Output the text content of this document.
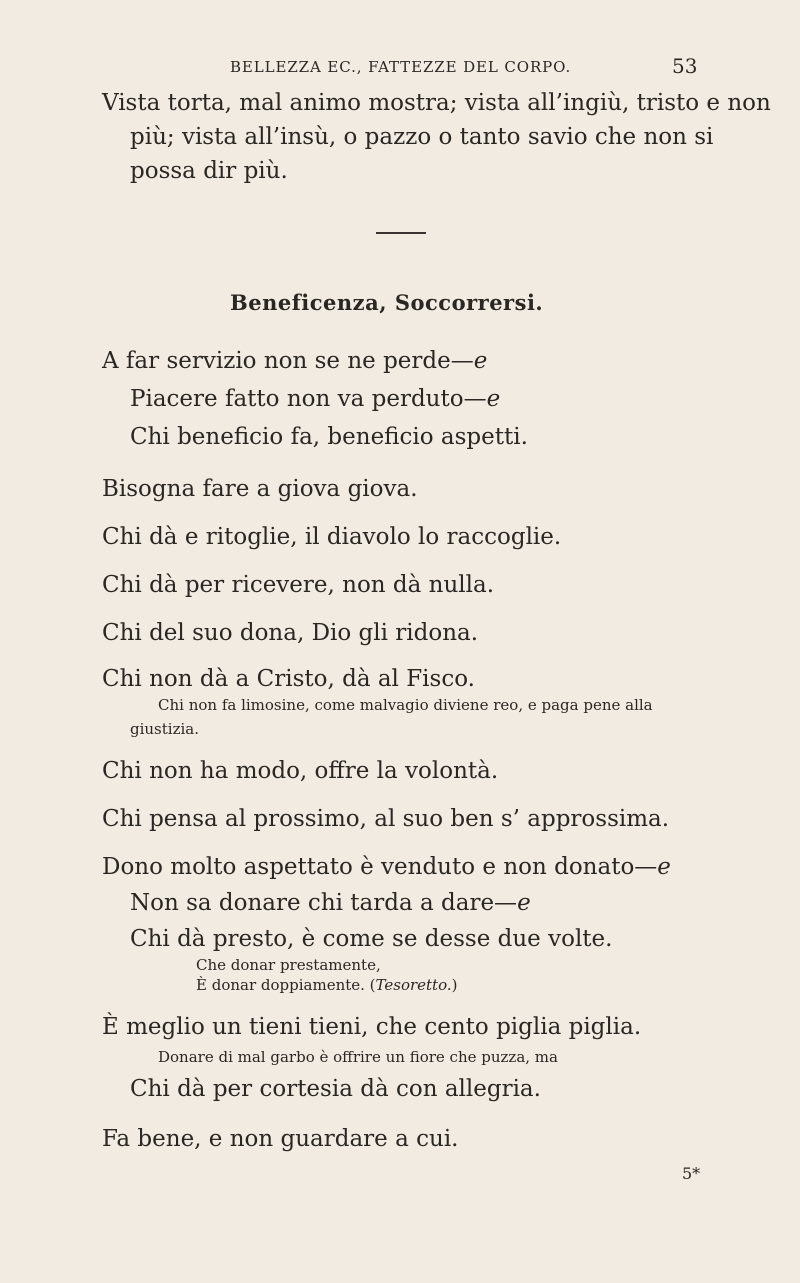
BELLEZZA EC., FATTEZZE DEL CORPO.	53
Vista torta, mal animo mostra; vista all’ingiù, tristo e non
più; vista all’insù, o pazzo o tanto savio che non si
possa dir più.
Beneficenza, Soccorrersi.
A far servizio non se ne perde—e
Piacere fatto non va perduto—e
Chi beneficio fa, beneficio aspetti.
Bisogna fare a giova giova.
Chi dà e ritoglie, il diavolo lo raccoglie.
Chi dà per ricevere, non dà nulla.
Chi del suo dona, Dio gli ridona.
Chi non dà a Cristo, dà al Fisco.
Chi non fa limosine, come malvagio diviene reo, e paga pene alla
giustizia.
Chi non ha modo, offre la volontà.
Chi pensa al prossimo, al suo ben s’ approssima.
Dono molto aspettato è venduto e non donato—e
Non sa donare chi tarda a dare—e
Chi dà presto, è come se desse due volte.
Che donar prestamente,
È donar doppiamente. (Tesoretto.)
È meglio un tieni tieni, che cento piglia piglia.
Donare di mal garbo è offrire un fiore che puzza, ma
Chi dà per cortesia dà con allegria.
Fa bene, e non guardare a cui.
5*
